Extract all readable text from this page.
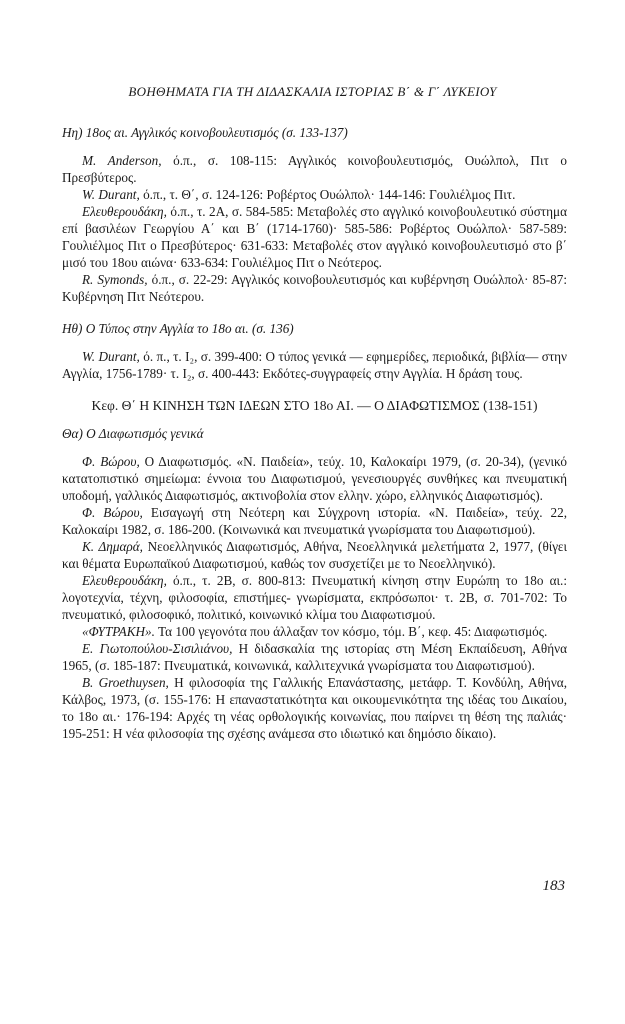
ΒΟΗΘΗΜΑΤΑ ΓΙΑ ΤΗ ΔΙΔΑΣΚΑΛΙΑ ΙΣΤΟΡΙΑΣ Β΄ & Γ΄ ΛΥΚΕΙΟΥ

Ηη) 18ος αι. Αγγλικός κοινοβουλευτισμός (σ. 133-137)

M. Anderson, ό.π., σ. 108-115: Αγγλικός κοινοβουλευτισμός, Ουώλπολ, Πιτ ο Πρεσβύτερος.

W. Durant, ό.π., τ. Θ΄, σ. 124-126: Ροβέρτος Ουώλπολ· 144-146: Γουλιέλμος Πιτ.

Ελευθερουδάκη, ό.π., τ. 2Α, σ. 584-585: Μεταβολές στο αγγλικό κοινοβουλευτικό σύστημα επί βασιλέων Γεωργίου Α΄ και Β΄ (1714-1760)· 585-586: Ροβέρτος Ουώλπολ· 587-589: Γουλιέλμος Πιτ ο Πρεσβύτερος· 631-633: Μεταβολές στον αγγλικό κοινοβουλευτισμό στο β΄ μισό του 18ου αιώνα· 633-634: Γουλιέλμος Πιτ ο Νεότερος.

R. Symonds, ό.π., σ. 22-29: Αγγλικός κοινοβουλευτισμός και κυβέρνηση Ουώλπολ· 85-87: Κυβέρνηση Πιτ Νεότερου.

Ηθ) Ο Τύπος στην Αγγλία το 18ο αι. (σ. 136)

W. Durant, ό. π., τ. Ι₂, σ. 399-400: Ο τύπος γενικά — εφημερίδες, περιοδικά, βιβλία— στην Αγγλία, 1756-1789· τ. Ι₂, σ. 400-443: Εκδότες-συγγραφείς στην Αγγλία. Η δράση τους.

Κεφ. Θ΄ Η ΚΙΝΗΣΗ ΤΩΝ ΙΔΕΩΝ ΣΤΟ 18ο ΑΙ. — Ο ΔΙΑΦΩΤΙΣΜΟΣ (138-151)

Θα) Ο Διαφωτισμός γενικά

Φ. Βώρου, Ο Διαφωτισμός. «Ν. Παιδεία», τεύχ. 10, Καλοκαίρι 1979, (σ. 20-34), (γενικό κατατοπιστικό σημείωμα: έννοια του Διαφωτισμού, γενεσιουργές συνθήκες και πνευματική υποδομή, γαλλικός Διαφωτισμός, ακτινοβολία στον ελλην. χώρο, ελληνικός Διαφωτισμός).

Φ. Βώρου, Εισαγωγή στη Νεότερη και Σύγχρονη ιστορία. «Ν. Παιδεία», τεύχ. 22, Καλοκαίρι 1982, σ. 186-200. (Κοινωνικά και πνευματικά γνωρίσματα του Διαφωτισμού).

Κ. Δημαρά, Νεοελληνικός Διαφωτισμός, Αθήνα, Νεοελληνικά μελετήματα 2, 1977, (θίγει και θέματα Ευρωπαϊκού Διαφωτισμού, καθώς τον συσχετίζει με το Νεοελληνικό).

Ελευθερουδάκη, ό.π., τ. 2Β, σ. 800-813: Πνευματική κίνηση στην Ευρώπη το 18ο αι.: λογοτεχνία, τέχνη, φιλοσοφία, επιστήμες- γνωρίσματα, εκπρόσωποι· τ. 2Β, σ. 701-702: Το πνευματικό, φιλοσοφικό, πολιτικό, κοινωνικό κλίμα του Διαφωτισμού.

«ΦΥΤΡΑΚΗ». Τα 100 γεγονότα που άλλαξαν τον κόσμο, τόμ. Β΄, κεφ. 45: Διαφωτισμός.

Ε. Γιωτοπούλου-Σισιλιάνου, Η διδασκαλία της ιστορίας στη Μέση Εκπαίδευση, Αθήνα 1965, (σ. 185-187: Πνευματικά, κοινωνικά, καλλιτεχνικά γνωρίσματα του Διαφωτισμού).

B. Groethuysen, Η φιλοσοφία της Γαλλικής Επανάστασης, μετάφρ. Τ. Κονδύλη, Αθήνα, Κάλβος, 1973, (σ. 155-176: Η επαναστατικότητα και οικουμενικότητα της ιδέας του Δικαίου, το 18ο αι.· 176-194: Αρχές τη νέας ορθολογικής κοινωνίας, που παίρνει τη θέση της παλιάς· 195-251: Η νέα φιλοσοφία της σχέσης ανάμεσα στο ιδιωτικό και δημόσιο δίκαιο).

183
